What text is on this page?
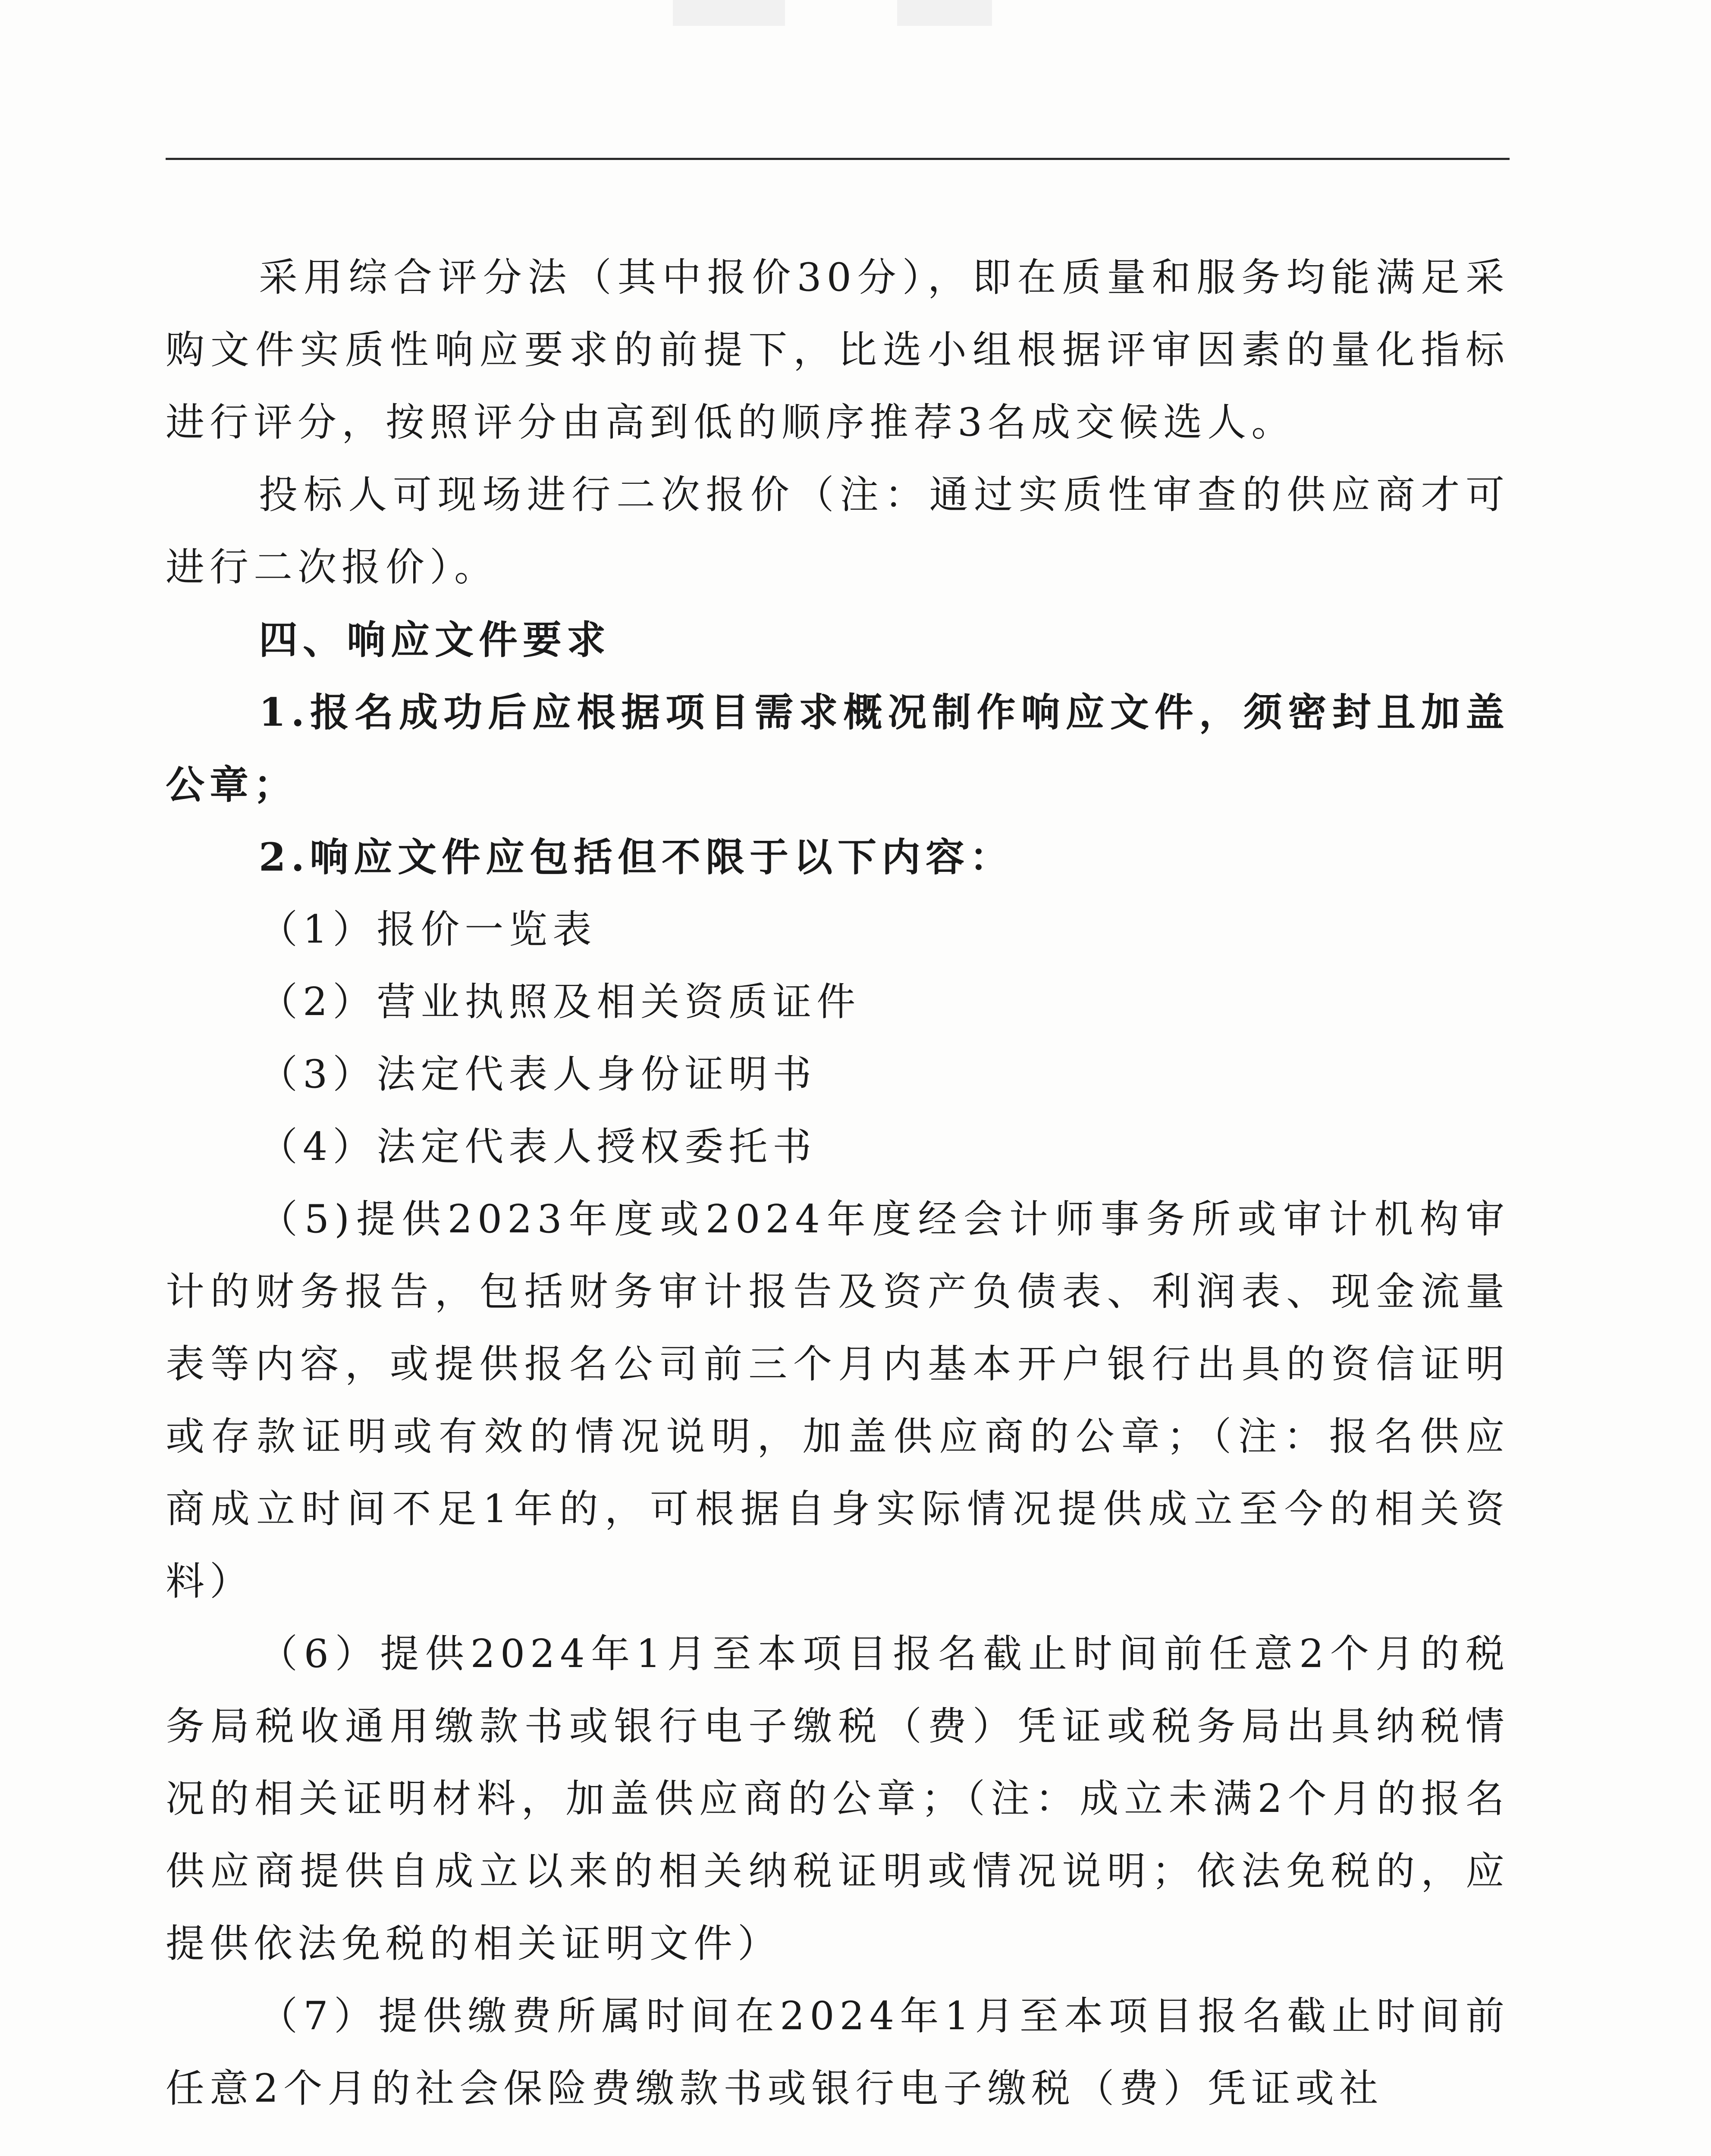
采用综合评分法（其中报价30分），即在质量和服务均能满足采购文件实质性响应要求的前提下，比选小组根据评审因素的量化指标进行评分，按照评分由高到低的顺序推荐3名成交候选人。

投标人可现场进行二次报价（注：通过实质性审查的供应商才可进行二次报价）。

四、响应文件要求

1.报名成功后应根据项目需求概况制作响应文件，须密封且加盖公章；

2.响应文件应包括但不限于以下内容：

（1）报价一览表

（2）营业执照及相关资质证件

（3）法定代表人身份证明书

（4）法定代表人授权委托书

（5)提供2023年度或2024年度经会计师事务所或审计机构审计的财务报告，包括财务审计报告及资产负债表、利润表、现金流量表等内容，或提供报名公司前三个月内基本开户银行出具的资信证明或存款证明或有效的情况说明，加盖供应商的公章；（注：报名供应商成立时间不足1年的，可根据自身实际情况提供成立至今的相关资料）

（6）提供2024年1月至本项目报名截止时间前任意2个月的税务局税收通用缴款书或银行电子缴税（费）凭证或税务局出具纳税情况的相关证明材料，加盖供应商的公章；（注：成立未满2个月的报名供应商提供自成立以来的相关纳税证明或情况说明；依法免税的，应提供依法免税的相关证明文件）

（7）提供缴费所属时间在2024年1月至本项目报名截止时间前任意2个月的社会保险费缴款书或银行电子缴税（费）凭证或社
